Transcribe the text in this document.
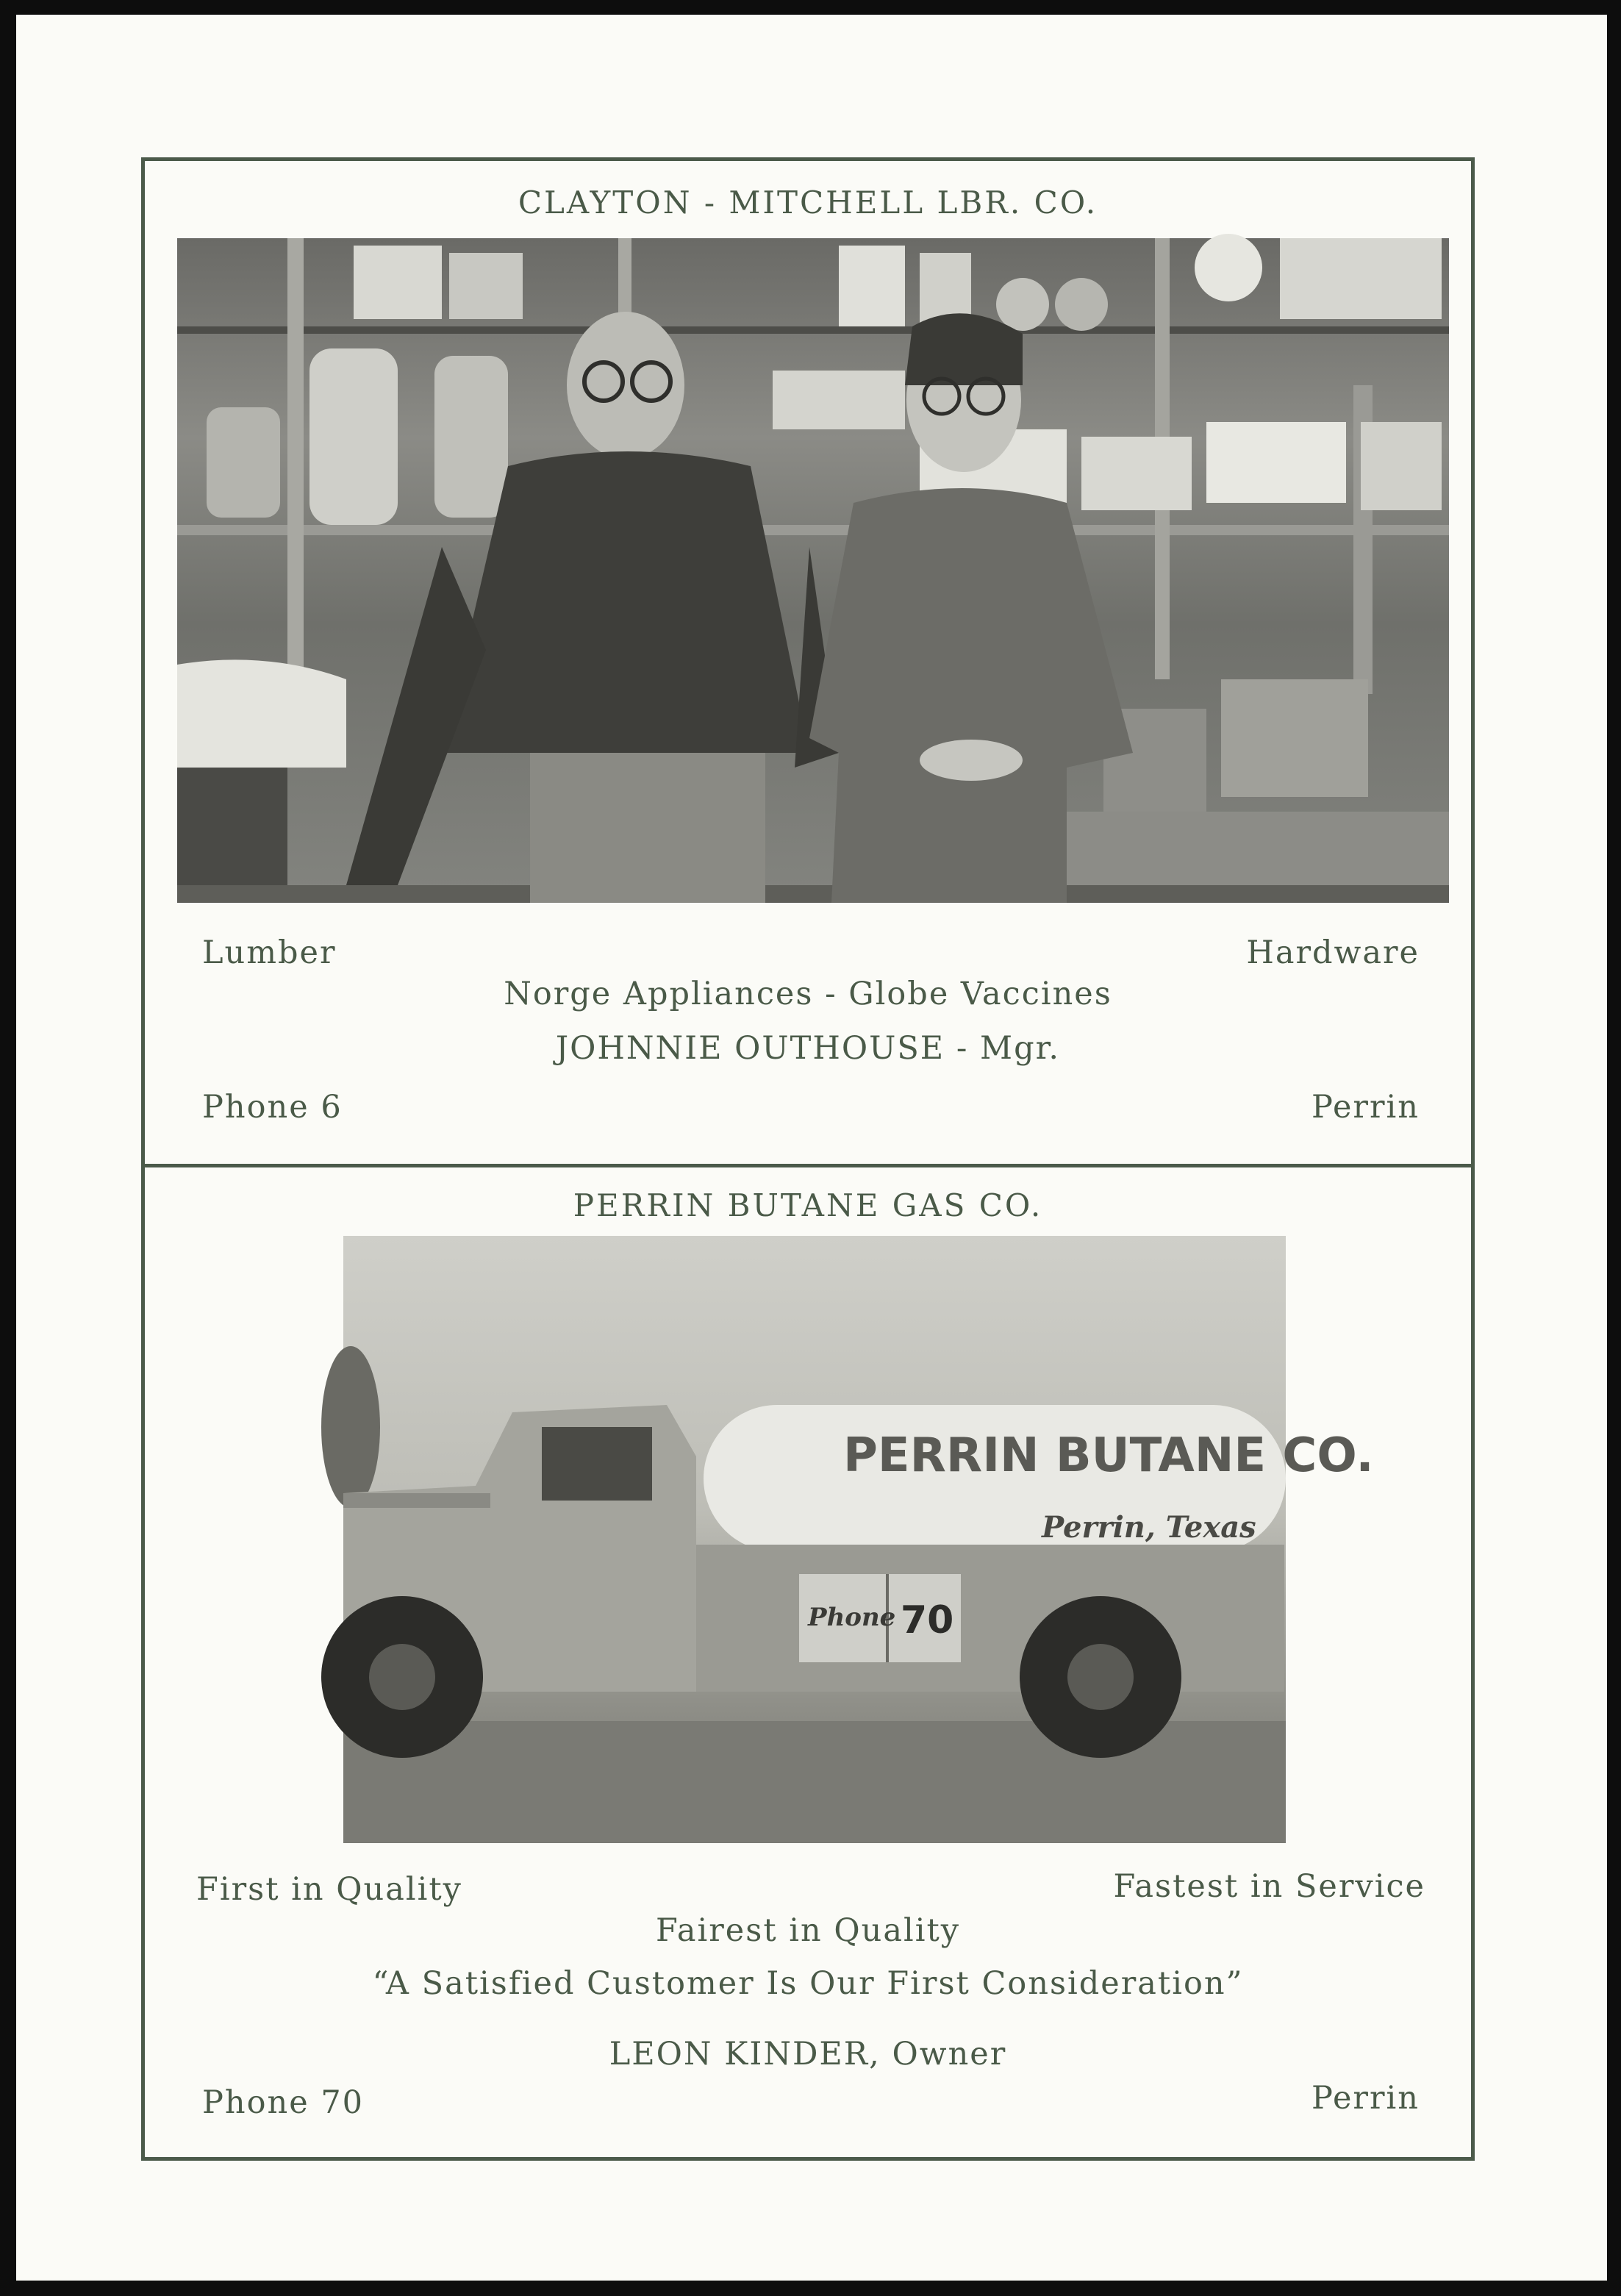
CLAYTON - MITCHELL LBR. CO.
Lumber	Hardware
Norge Appliances - Globe Vaccines
JOHNNIE OUTHOUSE - Mgr.
Phone 6	Perrin
PERRIN BUTANE GAS CO.
PERRIN BUTANE CO.
Perrin, Texas
Phone 70
First in Quality	Fastest in Service
Fairest in Quality
“A Satisfied Customer Is Our First Consideration”
LEON KINDER, Owner
Phone 70	Perrin
